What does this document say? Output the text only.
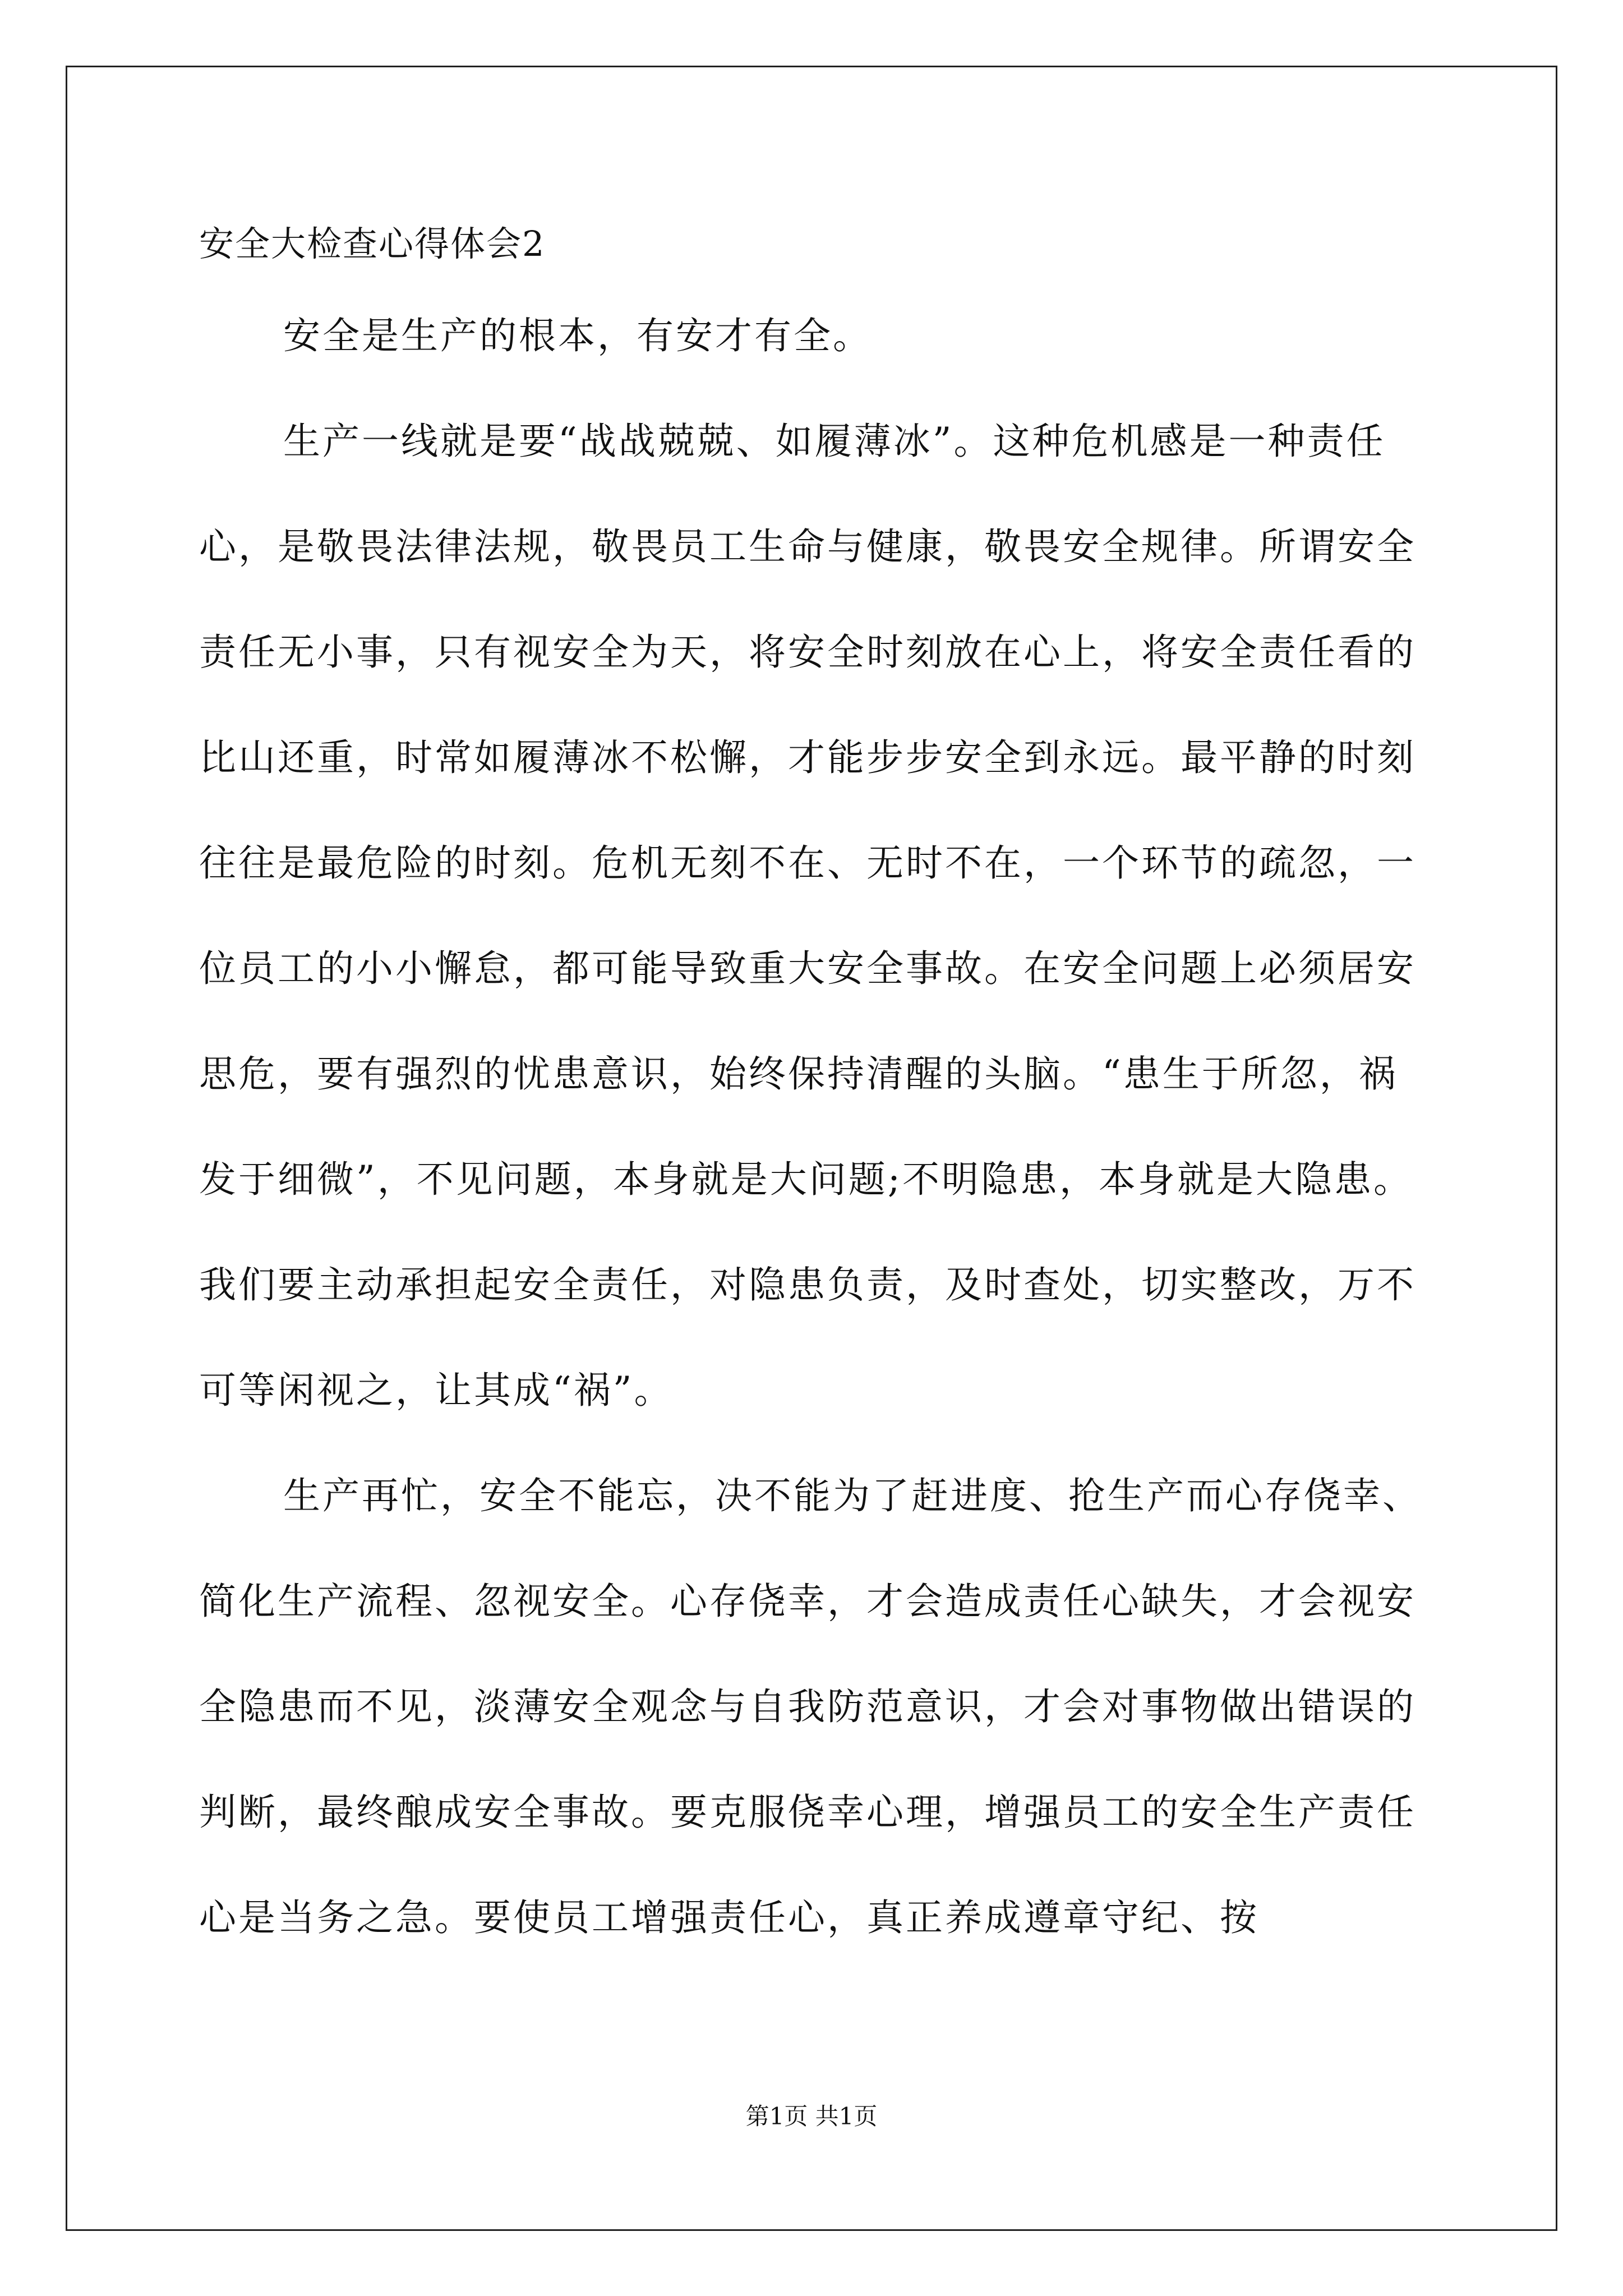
安全大检查心得体会2

安全是生产的根本，有安才有全。

生产一线就是要“战战兢兢、如履薄冰”。这种危机感是一种责任心，是敬畏法律法规，敬畏员工生命与健康，敬畏安全规律。所谓安全责任无小事，只有视安全为天，将安全时刻放在心上，将安全责任看的比山还重，时常如履薄冰不松懈，才能步步安全到永远。最平静的时刻往往是最危险的时刻。危机无刻不在、无时不在，一个环节的疏忽，一位员工的小小懈怠，都可能导致重大安全事故。在安全问题上必须居安思危，要有强烈的忧患意识，始终保持清醒的头脑。“患生于所忽，祸发于细微”，不见问题，本身就是大问题;不明隐患，本身就是大隐患。我们要主动承担起安全责任，对隐患负责，及时查处，切实整改，万不可等闲视之，让其成“祸”。

生产再忙，安全不能忘，决不能为了赶进度、抢生产而心存侥幸、简化生产流程、忽视安全。心存侥幸，才会造成责任心缺失，才会视安全隐患而不见，淡薄安全观念与自我防范意识，才会对事物做出错误的判断，最终酿成安全事故。要克服侥幸心理，增强员工的安全生产责任心是当务之急。要使员工增强责任心，真正养成遵章守纪、按

第1页 共1页
